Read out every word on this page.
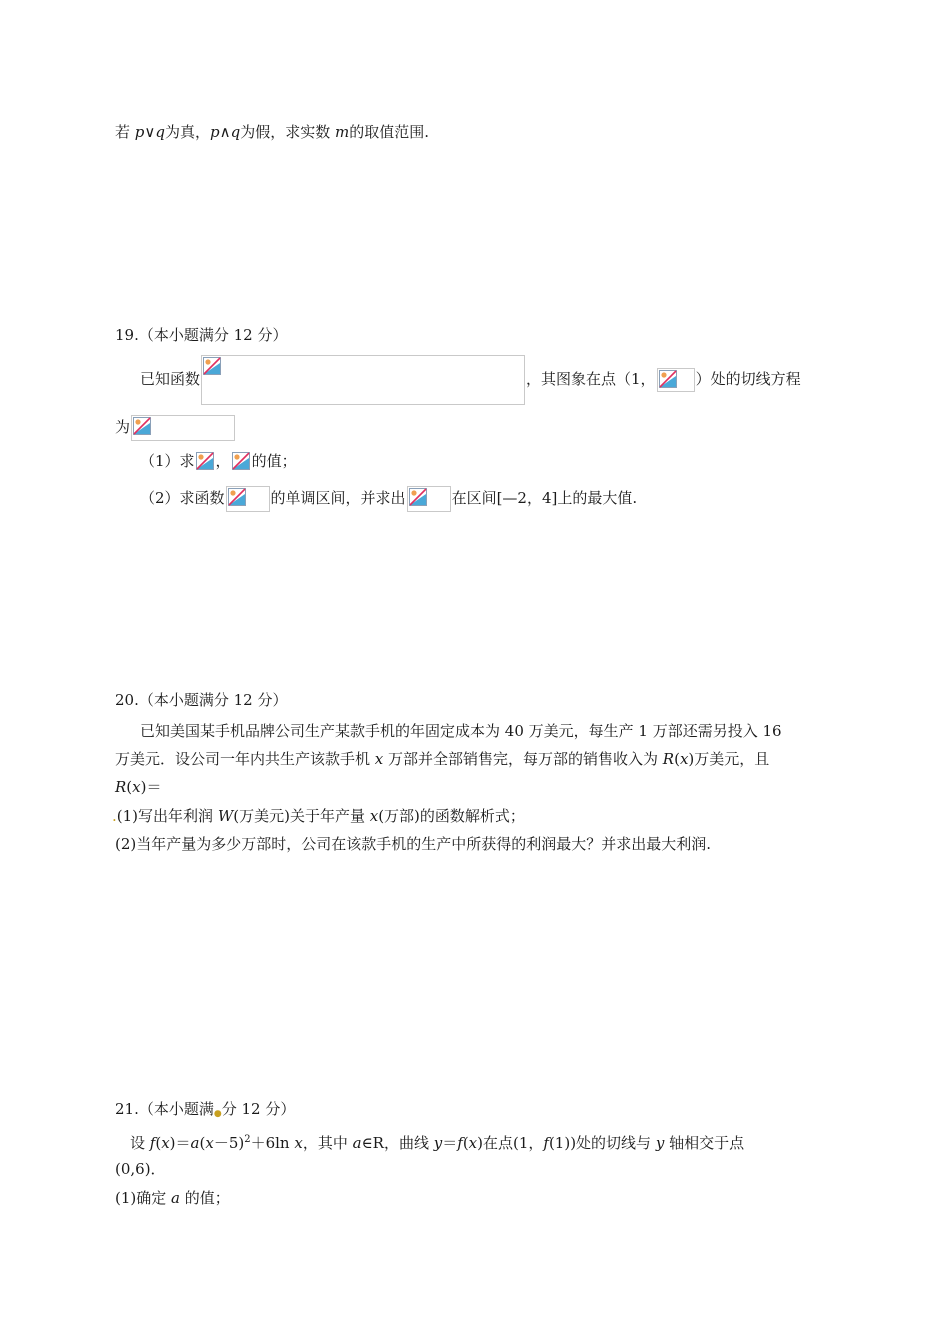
若 p∨q为真，p∧q为假，求实数 m的取值范围.
19.（本小题满分 12 分）
已知函数	，其图象在点（1，	）处的切线方程
为
（1）求 ， 的值；
（2）求函数	的单调区间，并求出	在区间[—2，4]上的最大值.
20.（本小题满分 12 分）
已知美国某手机品牌公司生产某款手机的年固定成本为 40 万美元，每生产 1 万部还需另投入 16
万美元．设公司一年内共生产该款手机 x 万部并全部销售完，每万部的销售收入为 R(x)万美元，且
R(x)＝
.(1)写出年利润 W(万美元)关于年产量 x(万部)的函数解析式；
(2)当年产量为多少万部时，公司在该款手机的生产中所获得的利润最大？并求出最大利润.
21.（本小题满●分 12 分）
设 $f(x)=a(x-5)^2+6\ln$ x，其中 a∈R，曲线 y＝f(x)在点(1，f(1))处的切线与 y 轴相交于点
(0,6)．
(1)确定 a 的值；
